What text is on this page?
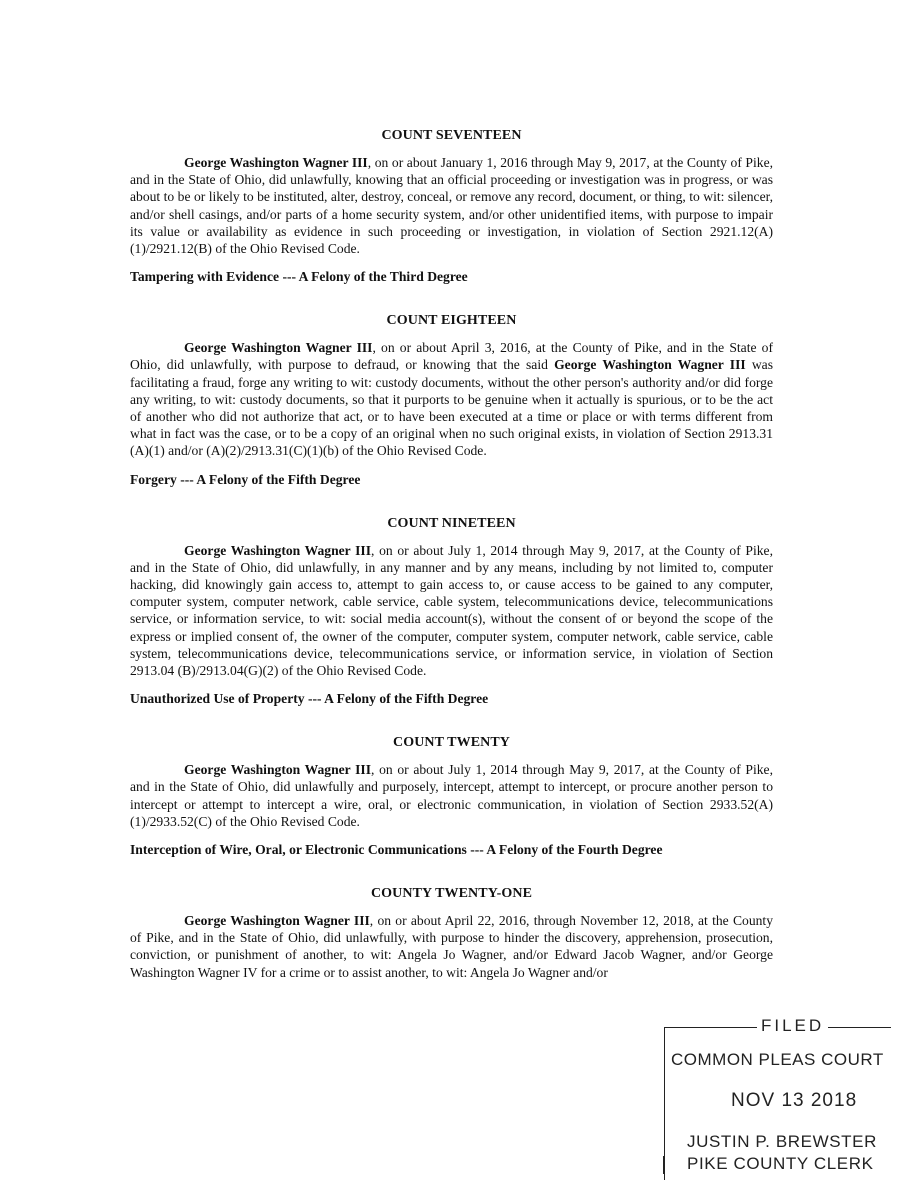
COUNT SEVENTEEN

George Washington Wagner III, on or about January 1, 2016 through May 9, 2017, at the County of Pike, and in the State of Ohio, did unlawfully, knowing that an official proceeding or investigation was in progress, or was about to be or likely to be instituted, alter, destroy, conceal, or remove any record, document, or thing, to wit: silencer, and/or shell casings, and/or parts of a home security system, and/or other unidentified items, with purpose to impair its value or availability as evidence in such proceeding or investigation, in violation of Section 2921.12(A)(1)/2921.12(B) of the Ohio Revised Code.

Tampering with Evidence --- A Felony of the Third Degree

COUNT EIGHTEEN

George Washington Wagner III, on or about April 3, 2016, at the County of Pike, and in the State of Ohio, did unlawfully, with purpose to defraud, or knowing that the said George Washington Wagner III was facilitating a fraud, forge any writing to wit: custody documents, without the other person's authority and/or did forge any writing, to wit: custody documents, so that it purports to be genuine when it actually is spurious, or to be the act of another who did not authorize that act, or to have been executed at a time or place or with terms different from what in fact was the case, or to be a copy of an original when no such original exists, in violation of Section 2913.31 (A)(1) and/or (A)(2)/2913.31(C)(1)(b) of the Ohio Revised Code.

Forgery --- A Felony of the Fifth Degree

COUNT NINETEEN

George Washington Wagner III, on or about July 1, 2014 through May 9, 2017, at the County of Pike, and in the State of Ohio, did unlawfully, in any manner and by any means, including by not limited to, computer hacking, did knowingly gain access to, attempt to gain access to, or cause access to be gained to any computer, computer system, computer network, cable service, cable system, telecommunications device, telecommunications service, or information service, to wit: social media account(s), without the consent of or beyond the scope of the express or implied consent of, the owner of the computer, computer system, computer network, cable service, cable system, telecommunications device, telecommunications service, or information service, in violation of Section 2913.04 (B)/2913.04(G)(2) of the Ohio Revised Code.

Unauthorized Use of Property --- A Felony of the Fifth Degree

COUNT TWENTY

George Washington Wagner III, on or about July 1, 2014 through May 9, 2017, at the County of Pike, and in the State of Ohio, did unlawfully and purposely, intercept, attempt to intercept, or procure another person to intercept or attempt to intercept a wire, oral, or electronic communication, in violation of Section 2933.52(A)(1)/2933.52(C) of the Ohio Revised Code.

Interception of Wire, Oral, or Electronic Communications --- A Felony of the Fourth Degree

COUNTY TWENTY-ONE

George Washington Wagner III, on or about April 22, 2016, through November 12, 2018, at the County of Pike, and in the State of Ohio, did unlawfully, with purpose to hinder the discovery, apprehension, prosecution, conviction, or punishment of another, to wit: Angela Jo Wagner, and/or Edward Jacob Wagner, and/or George Washington Wagner IV for a crime or to assist another, to wit: Angela Jo Wagner and/or

FILED
COMMON PLEAS COURT
NOV 13 2018
JUSTIN P. BREWSTER
PIKE COUNTY CLERK
